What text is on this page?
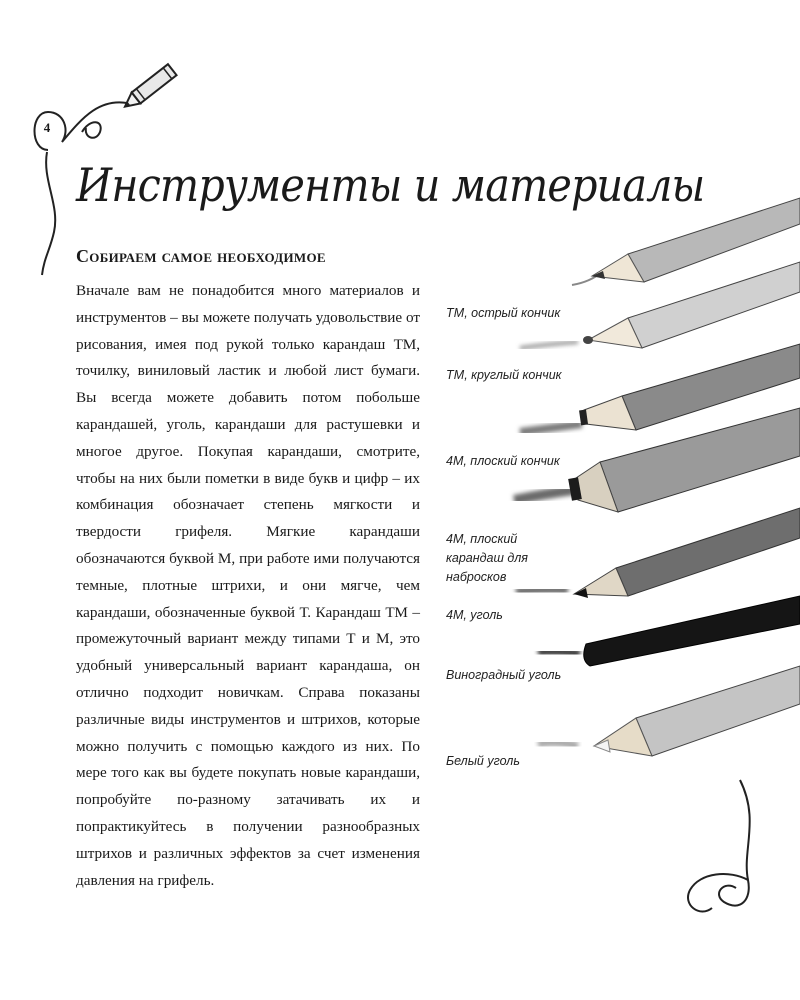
4
Инструменты и материалы
Собираем самое необходимое

Вначале вам не понадобится много материалов и инструментов – вы можете получать удовольствие от рисования, имея под рукой только карандаш ТМ, точилку, виниловый ластик и любой лист бумаги. Вы всегда можете добавить потом побольше карандашей, уголь, карандаши для растушевки и многое другое. Покупая карандаши, смотрите, чтобы на них были пометки в виде букв и цифр – их комбинация обозначает степень мягкости и твердости грифеля. Мягкие карандаши обозначаются буквой М, при работе ими получаются темные, плотные штрихи, и они мягче, чем карандаши, обозначенные буквой Т. Карандаш ТМ – промежуточный вариант между типами Т и М, это удобный универсальный вариант карандаша, он отлично подходит новичкам. Справа показаны различные виды инструментов и штрихов, которые можно получить с помощью каждого из них. По мере того как вы будете покупать новые карандаши, попробуйте по-разному затачивать их и попрактикуйтесь в получении разнообразных штрихов и различных эффектов за счет изменения давления на грифель.

ТМ, острый кончик
ТМ, круглый кончик
4М, плоский кончик
4М, плоский карандаш для набросков
4М, уголь
Виноградный уголь
Белый уголь
